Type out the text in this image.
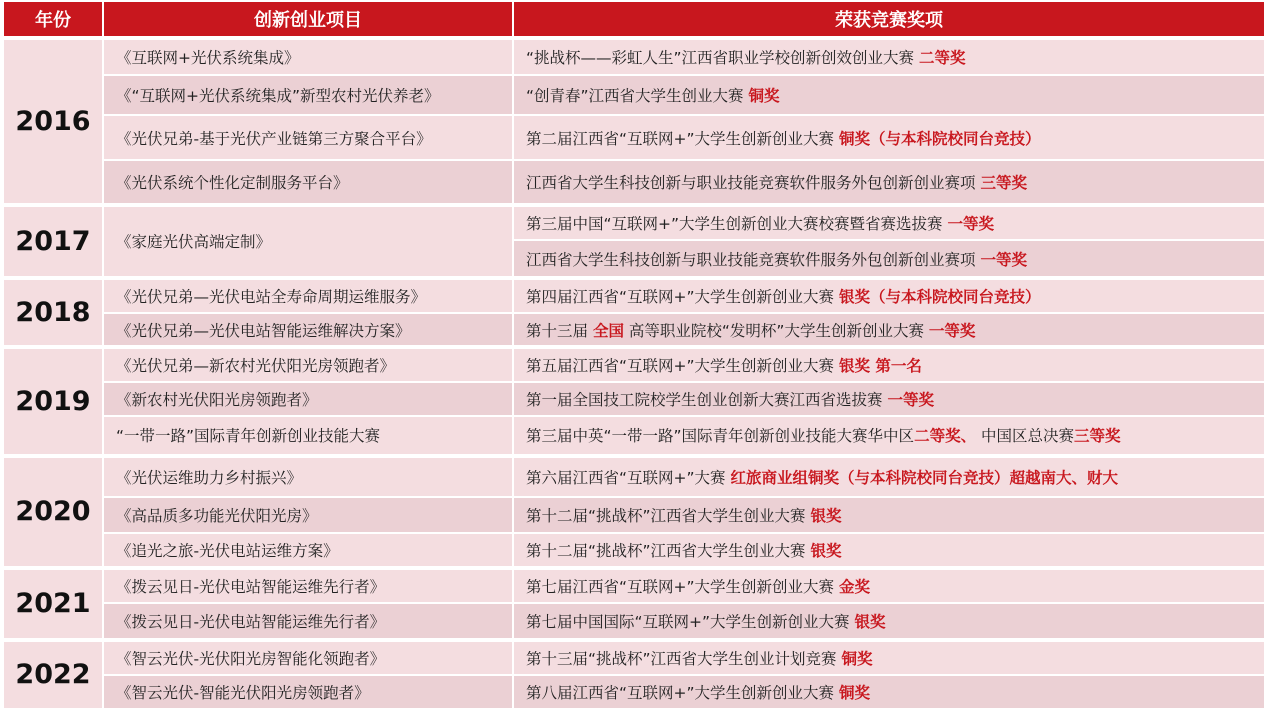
年份	创新创业项目	荣获竞赛奖项
2016	《互联网+光伏系统集成》	“挑战杯——彩虹人生”江西省职业学校创新创效创业大赛 二等奖
	《“互联网+光伏系统集成”新型农村光伏养老》	“创青春”江西省大学生创业大赛 铜奖
	《光伏兄弟-基于光伏产业链第三方聚合平台》	第二届江西省“互联网+”大学生创新创业大赛 铜奖（与本科院校同台竞技）
	《光伏系统个性化定制服务平台》	江西省大学生科技创新与职业技能竞赛软件服务外包创新创业赛项 三等奖
2017	《家庭光伏高端定制》	第三届中国“互联网+”大学生创新创业大赛校赛暨省赛选拔赛 一等奖
		江西省大学生科技创新与职业技能竞赛软件服务外包创新创业赛项 一等奖
2018	《光伏兄弟—光伏电站全寿命周期运维服务》	第四届江西省“互联网+”大学生创新创业大赛 银奖（与本科院校同台竞技）
	《光伏兄弟—光伏电站智能运维解决方案》	第十三届 全国 高等职业院校“发明杯”大学生创新创业大赛 一等奖
2019	《光伏兄弟—新农村光伏阳光房领跑者》	第五届江西省“互联网+”大学生创新创业大赛 银奖 第一名
	《新农村光伏阳光房领跑者》	第一届全国技工院校学生创业创新大赛江西省选拔赛 一等奖
	“一带一路”国际青年创新创业技能大赛	第三届中英“一带一路”国际青年创新创业技能大赛华中区二等奖、 中国区总决赛三等奖
2020	《光伏运维助力乡村振兴》	第六届江西省“互联网+”大赛 红旅商业组铜奖（与本科院校同台竞技）超越南大、财大
	《高品质多功能光伏阳光房》	第十二届“挑战杯”江西省大学生创业大赛 银奖
	《追光之旅-光伏电站运维方案》	第十二届“挑战杯”江西省大学生创业大赛 银奖
2021	《拨云见日-光伏电站智能运维先行者》	第七届江西省“互联网+”大学生创新创业大赛 金奖
	《拨云见日-光伏电站智能运维先行者》	第七届中国国际“互联网+”大学生创新创业大赛 银奖
2022	《智云光伏-光伏阳光房智能化领跑者》	第十三届“挑战杯”江西省大学生创业计划竞赛 铜奖
	《智云光伏-智能光伏阳光房领跑者》	第八届江西省“互联网+”大学生创新创业大赛 铜奖
